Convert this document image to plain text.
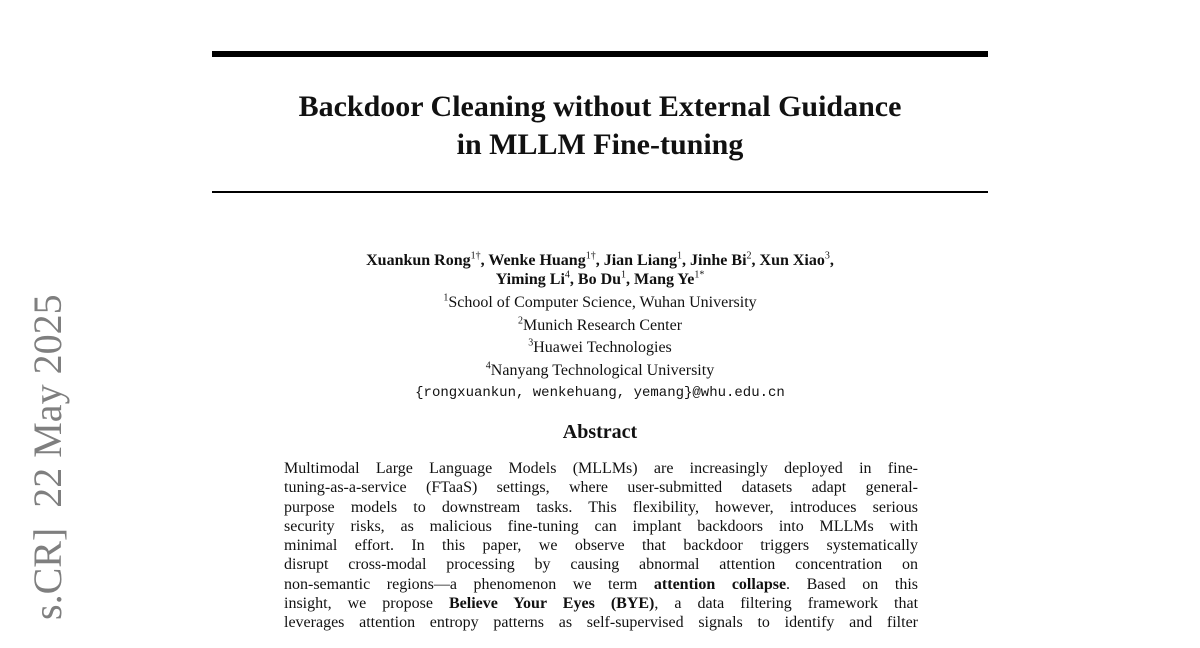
Backdoor Cleaning without External Guidance
in MLLM Fine-tuning
Xuankun Rong$^{1\dagger}$, Wenke Huang$^{1\dagger}$, Jian Liang$^1$, Jinhe Bi$^2$, Xun Xiao$^3$,
Yiming Li$^4$, Bo Du$^1$, Mang $Ye^{1*}$
$^1$School of Computer Science, Wuhan University
$^2$Munich Research Center
$^3$Huawei Technologies
$^4$Nanyang Technological University
{rongxuankun, wenkehuang, yemang}@whu.edu.cn
Abstract
Multimodal Large Language Models (MLLMs) are increasingly deployed in fine-
tuning-as-a-service (FTaaS) settings, where user-submitted datasets adapt general-
purpose models to downstream tasks. This flexibility, however, introduces serious
security risks, as malicious fine-tuning can implant backdoors into MLLMs with
minimal effort. In this paper, we observe that backdoor triggers systematically
disrupt cross-modal processing by causing abnormal attention concentration on
non-semantic regions—a phenomenon we term attention collapse. Based on this
insight, we propose Believe Your Eyes (BYE), a data filtering framework that
leverages attention entropy patterns as self-supervised signals to identify and filter
s.CR]  22 May 2025
